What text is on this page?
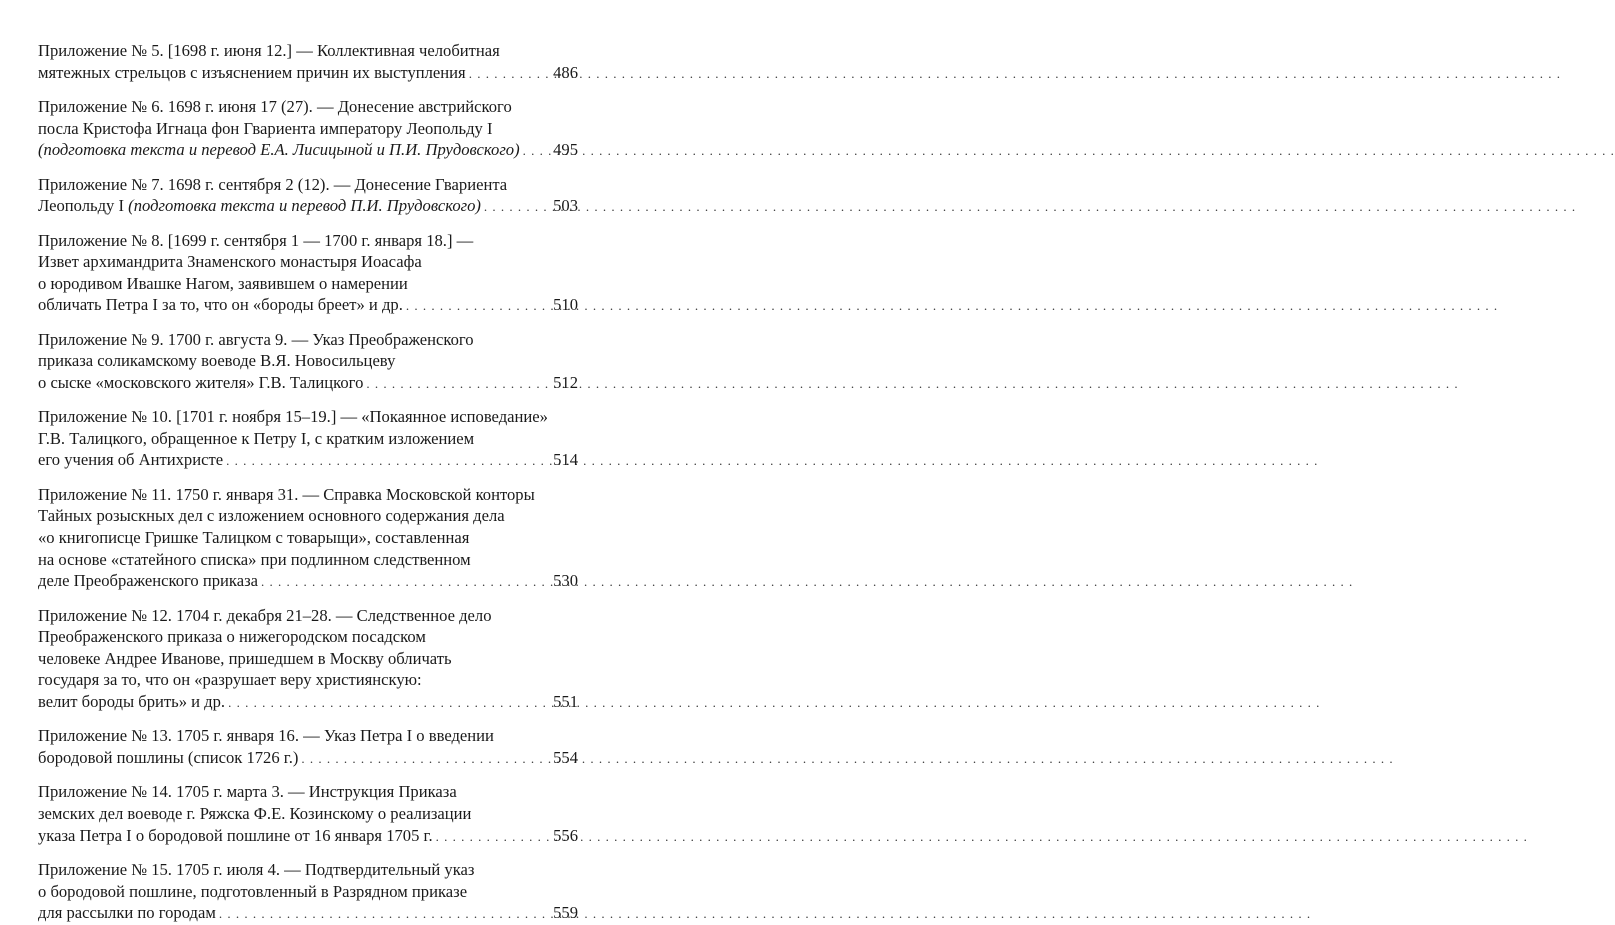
Приложение № 5. [1698 г. июня 12.] — Коллективная челобитная
мятежных стрельцов с изъяснением причин их выступления . . .	486

Приложение № 6. 1698 г. июня 17 (27). — Донесение австрийского
посла Кристофа Игнаца фон Гвариента императору Леопольду I
(подготовка текста и перевод Е.А. Лисицыной и П.И. Прудовского) . . . 495

Приложение № 7. 1698 г. сентября 2 (12). — Донесение Гвариента
Леопольду I (подготовка текста и перевод П.И. Прудовского) . . .	503

Приложение № 8. [1699 г. сентября 1 — 1700 г. января 18.] —
Извет архимандрита Знаменского монастыря Иоасафа
о юродивом Ивашке Нагом, заявившем о намерении
обличать Петра I за то, что он «бороды бреет» и др. . . .	510

Приложение № 9. 1700 г. августа 9. — Указ Преображенского
приказа соликамскому воеводе В.Я. Новосильцеву
о сыске «московского жителя» Г.В. Талицкого . . .	512

Приложение № 10. [1701 г. ноября 15–19.] — «Покаянное исповедание»
Г.В. Талицкого, обращенное к Петру I, с кратким изложением
его учения об Антихристе . . .	514

Приложение № 11. 1750 г. января 31. — Справка Московской конторы
Тайных розыскных дел с изложением основного содержания дела
«о книгописце Гришке Талицком с товарыщи», составленная
на основе «статейного списка» при подлинном следственном
деле Преображенского приказа . . .	530

Приложение № 12. 1704 г. декабря 21–28. — Следственное дело
Преображенского приказа о нижегородском посадском
человеке Андрее Иванове, пришедшем в Москву обличать
государя за то, что он «разрушает веру християнскую:
велит бороды брить» и др. . . .	551

Приложение № 13. 1705 г. января 16. — Указ Петра I о введении
бородовой пошлины (список 1726 г.) . . .	554

Приложение № 14. 1705 г. марта 3. — Инструкция Приказа
земских дел воеводе г. Ряжска Ф.Е. Козинскому о реализации
указа Петра I о бородовой пошлине от 16 января 1705 г. . . .	556

Приложение № 15. 1705 г. июля 4. — Подтвердительный указ
о бородовой пошлине, подготовленный в Разрядном приказе
для рассылки по городам . . .	559
